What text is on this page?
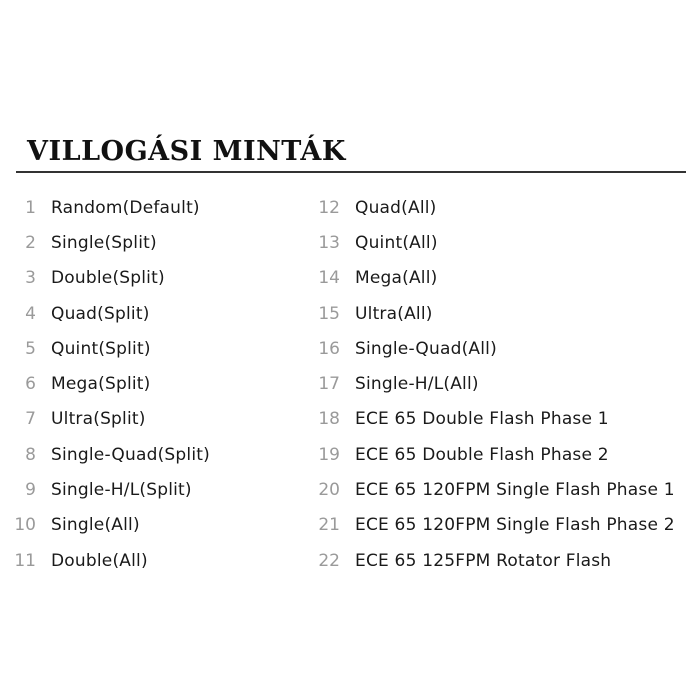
VILLOGÁSI MINTÁK
1 Random(Default)
2 Single(Split)
3 Double(Split)
4 Quad(Split)
5 Quint(Split)
6 Mega(Split)
7 Ultra(Split)
8 Single-Quad(Split)
9 Single-H/L(Split)
10 Single(All)
11 Double(All)
12 Quad(All)
13 Quint(All)
14 Mega(All)
15 Ultra(All)
16 Single-Quad(All)
17 Single-H/L(All)
18 ECE 65 Double Flash Phase 1
19 ECE 65 Double Flash Phase 2
20 ECE 65 120FPM Single Flash Phase 1
21 ECE 65 120FPM Single Flash Phase 2
22 ECE 65 125FPM Rotator Flash
